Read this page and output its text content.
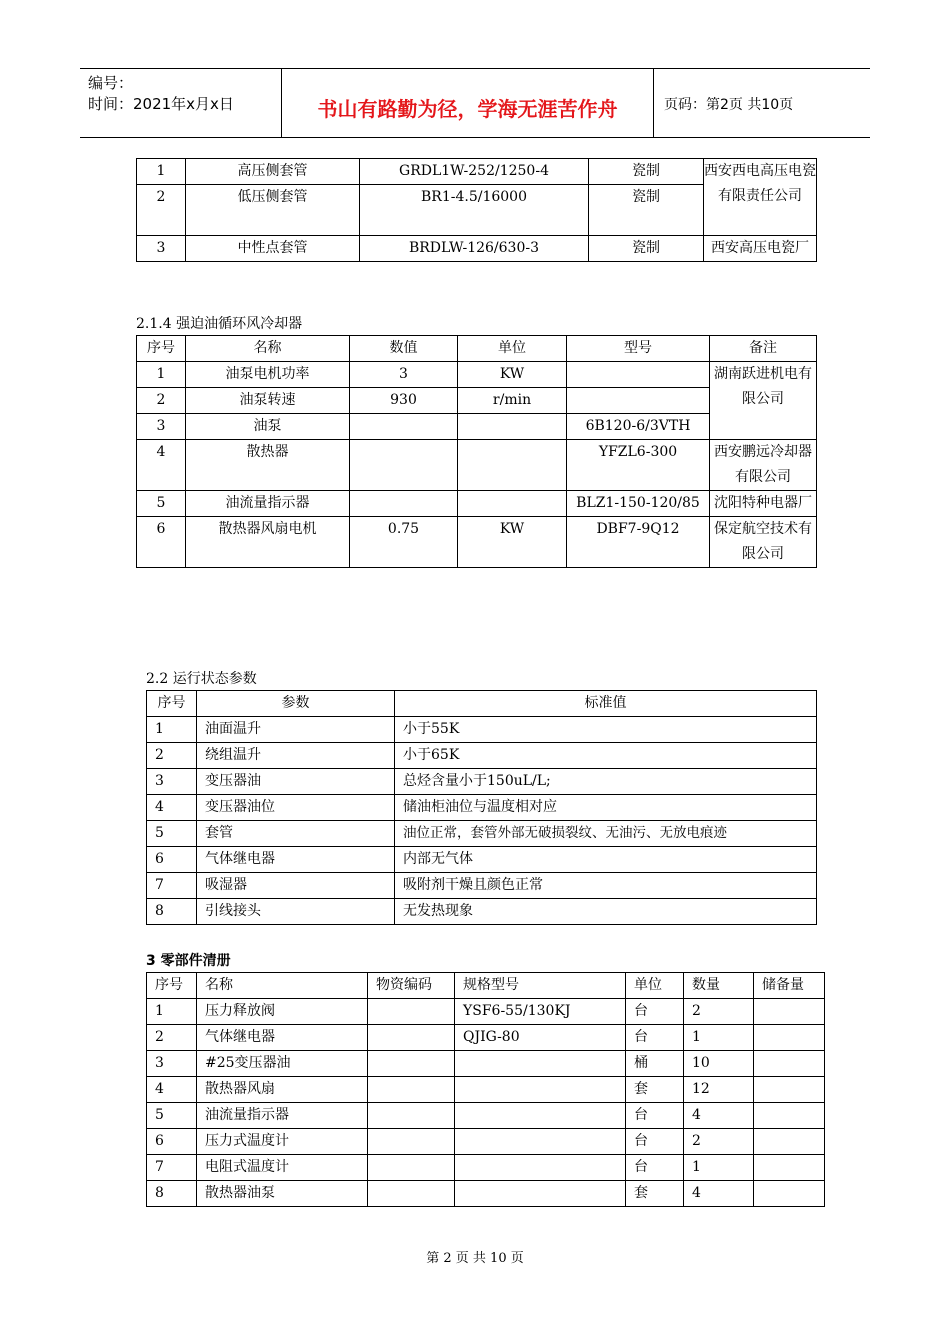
编号：
时间：2021年x月x日	书山有路勤为径，学海无涯苦作舟	页码：第2页 共10页
1	高压侧套管	GRDL1W-252/1250-4	瓷制	西安西电高压电瓷有限责任公司
2	低压侧套管	BR1-4.5/16000	瓷制	
3	中性点套管	BRDLW-126/630-3	瓷制	西安高压电瓷厂
2.1.4 强迫油循环风冷却器
序号	名称	数值	单位	型号	备注
1	油泵电机功率	3	KW		湖南跃进机电有限公司
2	油泵转速	930	r/min		
3	油泵			6B120-6/3VTH	
4	散热器			YFZL6-300	西安鹏远冷却器有限公司
5	油流量指示器			BLZ1-150-120/85	沈阳特种电器厂
6	散热器风扇电机	0.75	KW	DBF7-9Q12	保定航空技术有限公司
2.2 运行状态参数
序号	参数	标准值
1	油面温升	小于55K
2	绕组温升	小于65K
3	变压器油	总烃含量小于150uL/L;
4	变压器油位	储油柜油位与温度相对应
5	套管	油位正常，套管外部无破损裂纹、无油污、无放电痕迹
6	气体继电器	内部无气体
7	吸湿器	吸附剂干燥且颜色正常
8	引线接头	无发热现象
3 零部件清册
序号	名称	物资编码	规格型号	单位	数量	储备量
1	压力释放阀		YSF6-55/130KJ	台	2	
2	气体继电器		QJIG-80	台	1	
3	#25变压器油			桶	10	
4	散热器风扇			套	12	
5	油流量指示器			台	4	
6	压力式温度计			台	2	
7	电阻式温度计			台	1	
8	散热器油泵			套	4	
第 2 页 共 10 页
